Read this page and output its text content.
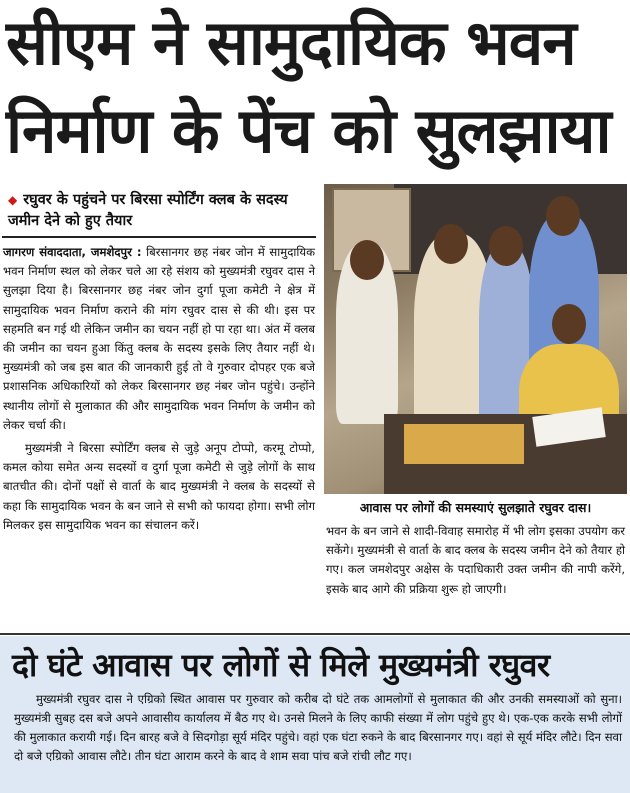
सीएम ने सामुदायिक भवन
निर्माण के पेंच को सुलझाया
◆ रघुवर के पहुंचने पर बिरसा स्पोर्टिंग क्लब के सदस्य जमीन देने को हुए तैयार

जागरण संवाददाता, जमशेदपुर : बिरसानगर छह नंबर जोन में सामुदायिक भवन निर्माण स्थल को लेकर चले आ रहे संशय को मुख्यमंत्री रघुवर दास ने सुलझा दिया है। बिरसानगर छह नंबर जोन दुर्गा पूजा कमेटी ने क्षेत्र में सामुदायिक भवन निर्माण कराने की मांग रघुवर दास से की थी। इस पर सहमति बन गई थी लेकिन जमीन का चयन नहीं हो पा रहा था। अंत में क्लब की जमीन का चयन हुआ किंतु क्लब के सदस्य इसके लिए तैयार नहीं थे। मुख्यमंत्री को जब इस बात की जानकारी हुई तो वे गुरुवार दोपहर एक बजे प्रशासनिक अधिकारियों को लेकर बिरसानगर छह नंबर जोन पहुंचे। उन्होंने स्थानीय लोगों से मुलाकात की और सामुदायिक भवन निर्माण के जमीन को लेकर चर्चा की।

मुख्यमंत्री ने बिरसा स्पोर्टिंग क्लब से जुड़े अनूप टोप्पो, करमू टोप्पो, कमल कोया समेत अन्य सदस्यों व दुर्गा पूजा कमेटी से जुड़े लोगों के साथ बातचीत की। दोनों पक्षों से वार्ता के बाद मुख्यमंत्री ने क्लब के सदस्यों से कहा कि सामुदायिक भवन के बन जाने से सभी को फायदा होगा। सभी लोग मिलकर इस सामुदायिक भवन का संचालन करें।

आवास पर लोगों की समस्याएं सुलझाते रघुवर दास।

भवन के बन जाने से शादी-विवाह समारोह में भी लोग इसका उपयोग कर सकेंगे। मुख्यमंत्री से वार्ता के बाद क्लब के सदस्य जमीन देने को तैयार हो गए। कल जमशेदपुर अक्षेस के पदाधिकारी उक्त जमीन की नापी करेंगे, इसके बाद आगे की प्रक्रिया शुरू हो जाएगी।

दो घंटे आवास पर लोगों से मिले मुख्यमंत्री रघुवर

मुख्यमंत्री रघुवर दास ने एग्रिको स्थित आवास पर गुरुवार को करीब दो घंटे तक आमलोगों से मुलाकात की और उनकी समस्याओं को सुना। मुख्यमंत्री सुबह दस बजे अपने आवासीय कार्यालय में बैठ गए थे। उनसे मिलने के लिए काफी संख्या में लोग पहुंचे हुए थे। एक-एक करके सभी लोगों की मुलाकात करायी गई। दिन बारह बजे वे सिदगोड़ा सूर्य मंदिर पहुंचे। वहां एक घंटा रुकने के बाद बिरसानगर गए। वहां से सूर्य मंदिर लौटे। दिन सवा दो बजे एग्रिको आवास लौटे। तीन घंटा आराम करने के बाद वे शाम सवा पांच बजे रांची लौट गए।
